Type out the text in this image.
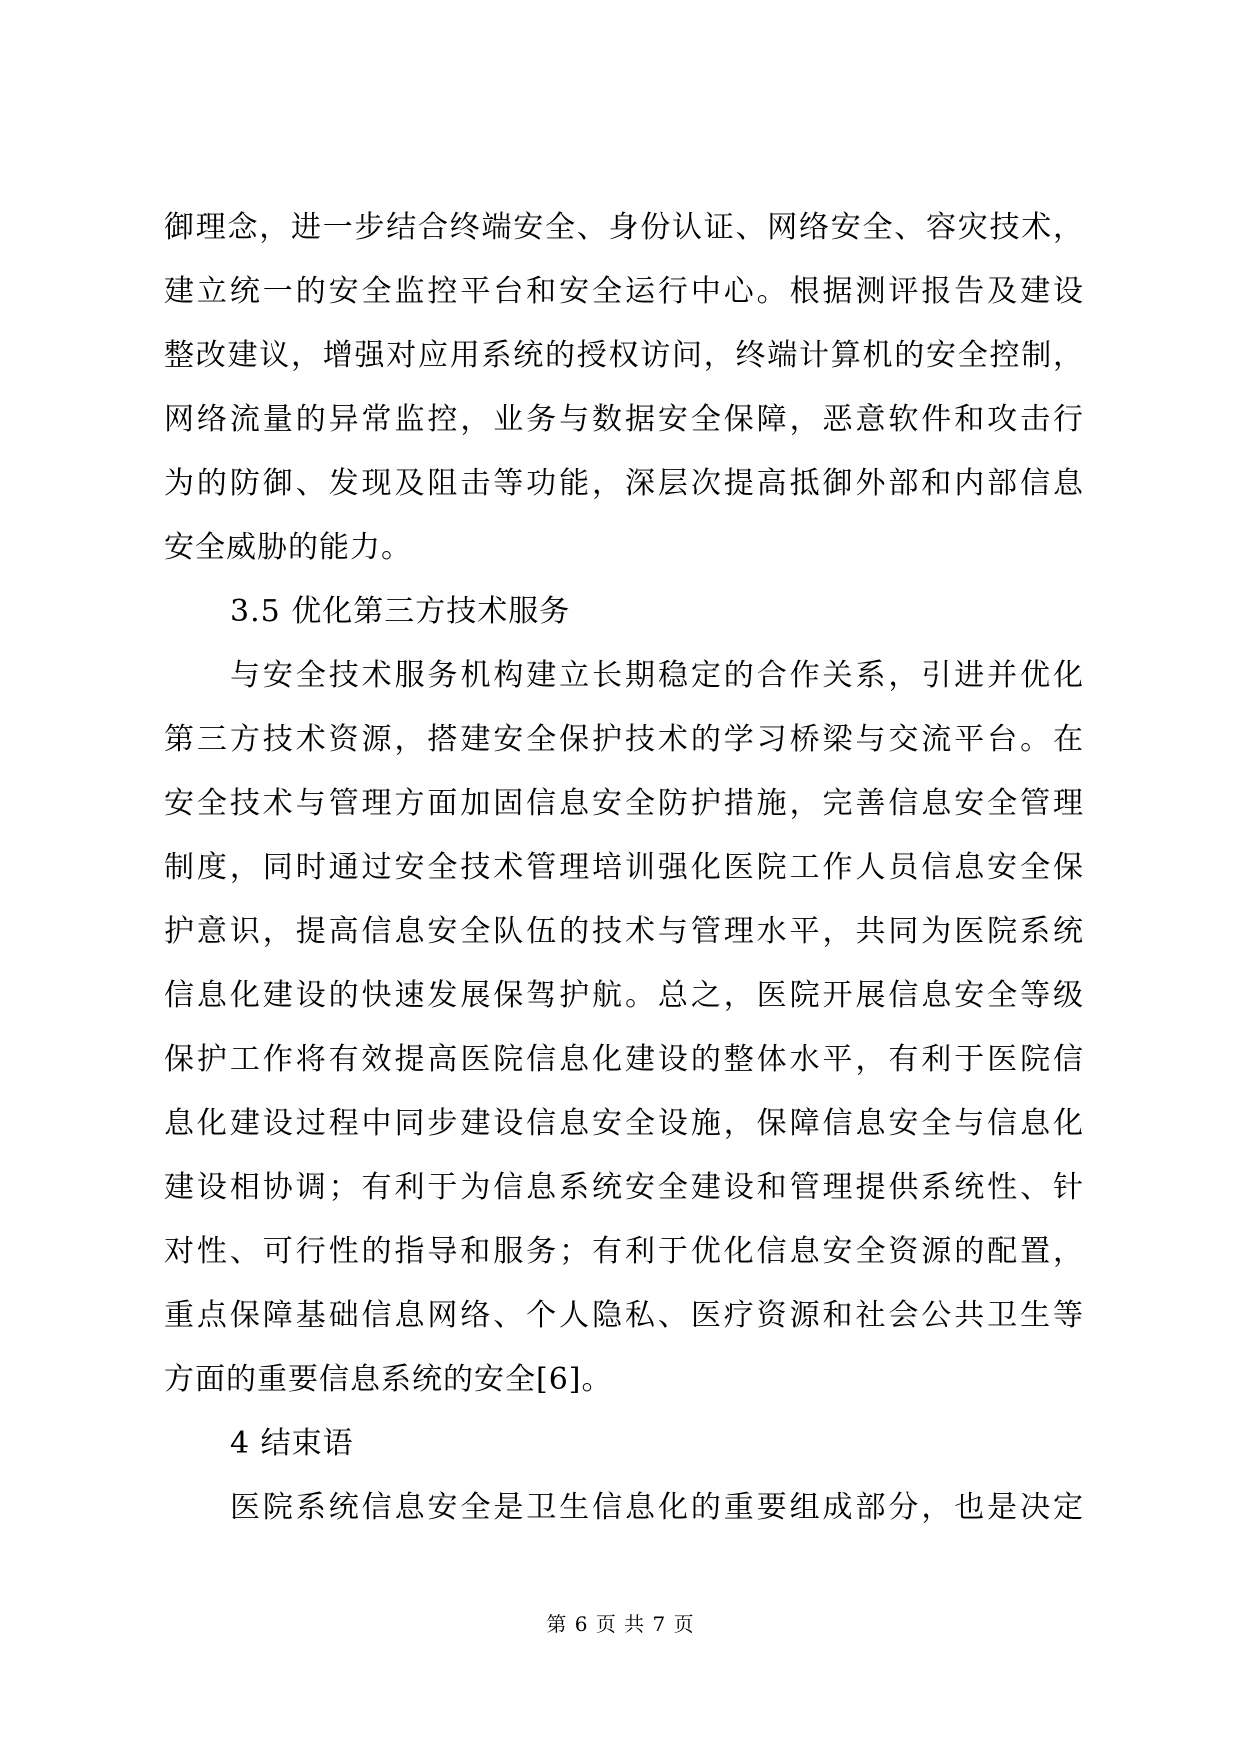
御理念，进一步结合终端安全、身份认证、网络安全、容灾技术，
建立统一的安全监控平台和安全运行中心。根据测评报告及建设
整改建议，增强对应用系统的授权访问，终端计算机的安全控制，
网络流量的异常监控，业务与数据安全保障，恶意软件和攻击行
为的防御、发现及阻击等功能，深层次提高抵御外部和内部信息
安全威胁的能力。
3.5 优化第三方技术服务
与安全技术服务机构建立长期稳定的合作关系，引进并优化
第三方技术资源，搭建安全保护技术的学习桥梁与交流平台。在
安全技术与管理方面加固信息安全防护措施，完善信息安全管理
制度，同时通过安全技术管理培训强化医院工作人员信息安全保
护意识，提高信息安全队伍的技术与管理水平，共同为医院系统
信息化建设的快速发展保驾护航。总之，医院开展信息安全等级
保护工作将有效提高医院信息化建设的整体水平，有利于医院信
息化建设过程中同步建设信息安全设施，保障信息安全与信息化
建设相协调；有利于为信息系统安全建设和管理提供系统性、针
对性、可行性的指导和服务；有利于优化信息安全资源的配置，
重点保障基础信息网络、个人隐私、医疗资源和社会公共卫生等
方面的重要信息系统的安全[6]。
4 结束语
医院系统信息安全是卫生信息化的重要组成部分，也是决定
第 6 页 共 7 页
